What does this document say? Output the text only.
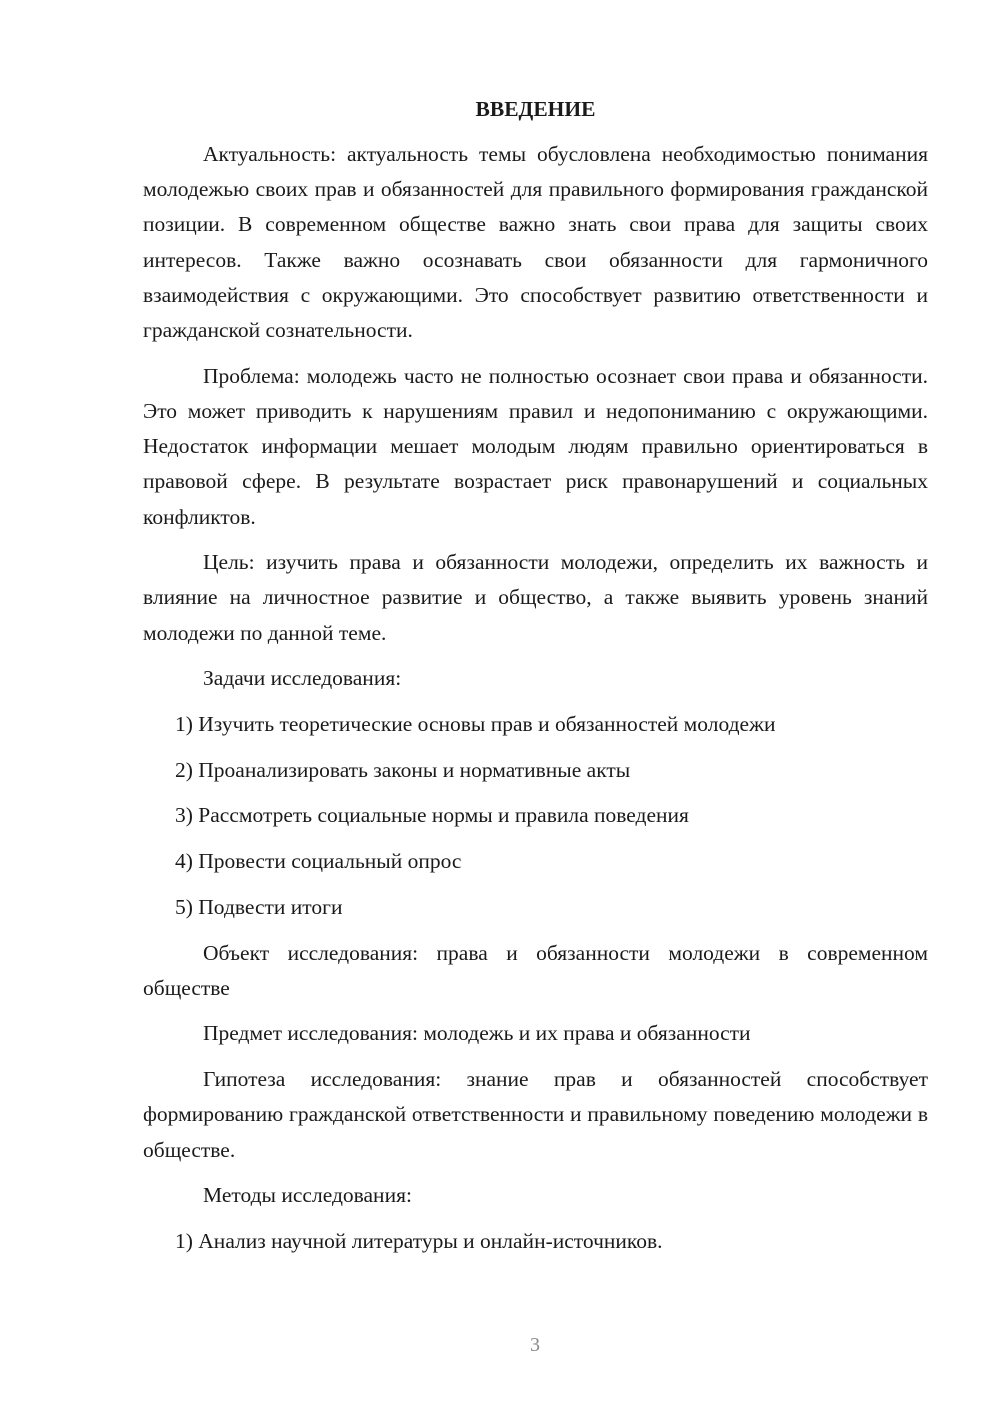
ВВЕДЕНИЕ

Актуальность: актуальность темы обусловлена необходимостью понимания молодежью своих прав и обязанностей для правильного формирования гражданской позиции. В современном обществе важно знать свои права для защиты своих интересов. Также важно осознавать свои обязанности для гармоничного взаимодействия с окружающими. Это способствует развитию ответственности и гражданской сознательности.

Проблема: молодежь часто не полностью осознает свои права и обязанности. Это может приводить к нарушениям правил и недопониманию с окружающими. Недостаток информации мешает молодым людям правильно ориентироваться в правовой сфере. В результате возрастает риск правонарушений и социальных конфликтов.

Цель: изучить права и обязанности молодежи, определить их важность и влияние на личностное развитие и общество, а также выявить уровень знаний молодежи по данной теме.

Задачи исследования:

1) Изучить теоретические основы прав и обязанностей молодежи

2) Проанализировать законы и нормативные акты

3) Рассмотреть социальные нормы и правила поведения

4) Провести социальный опрос

5) Подвести итоги

Объект исследования: права и обязанности молодежи в современном обществе

Предмет исследования: молодежь и их права и обязанности

Гипотеза исследования: знание прав и обязанностей способствует формированию гражданской ответственности и правильному поведению молодежи в обществе.

Методы исследования:

1) Анализ научной литературы и онлайн-источников.

3
